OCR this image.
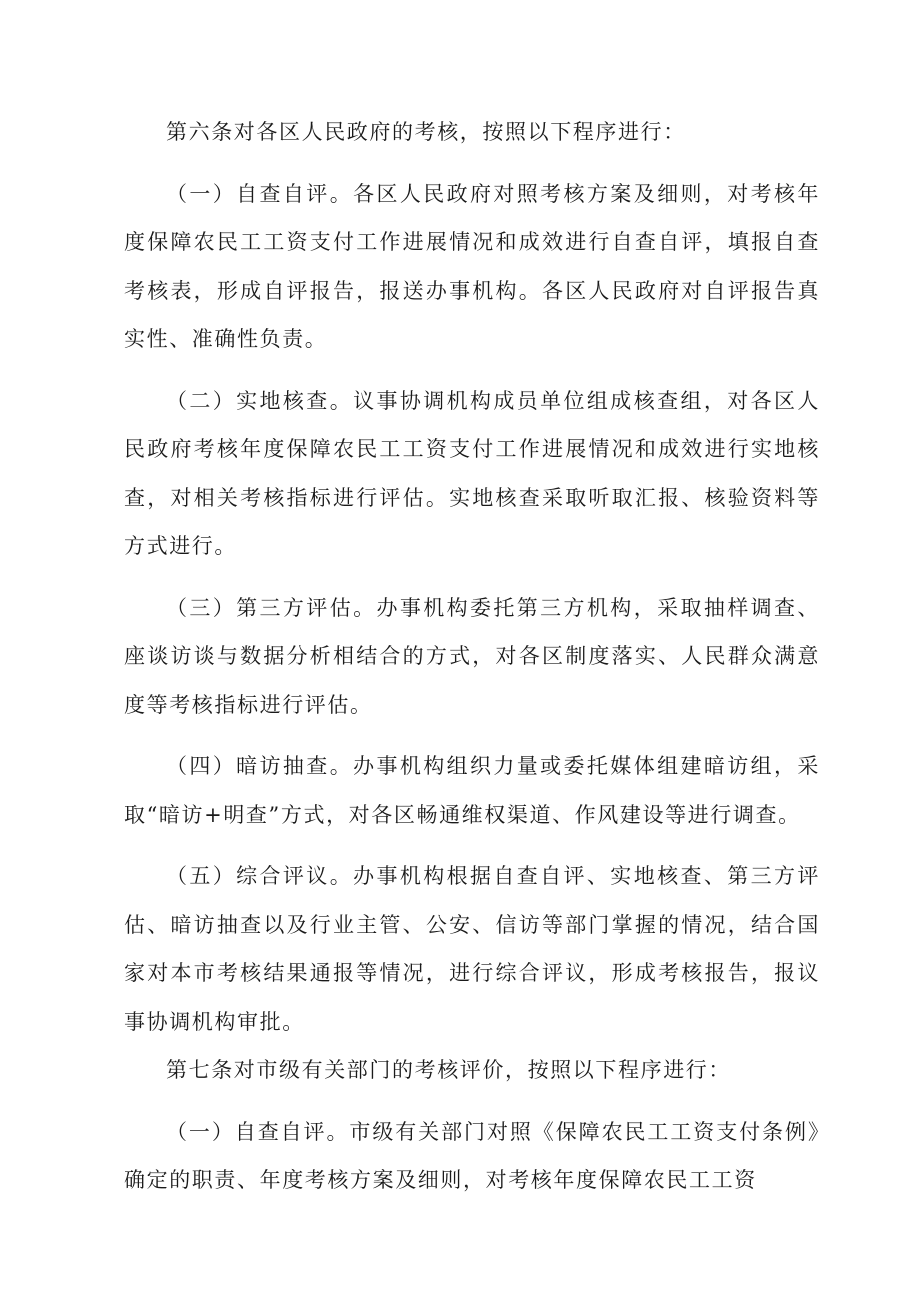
第六条对各区人民政府的考核，按照以下程序进行：

（一）自查自评。各区人民政府对照考核方案及细则，对考核年度保障农民工工资支付工作进展情况和成效进行自查自评，填报自查考核表，形成自评报告，报送办事机构。各区人民政府对自评报告真实性、准确性负责。

（二）实地核查。议事协调机构成员单位组成核查组，对各区人民政府考核年度保障农民工工资支付工作进展情况和成效进行实地核查，对相关考核指标进行评估。实地核查采取听取汇报、核验资料等方式进行。

（三）第三方评估。办事机构委托第三方机构，采取抽样调查、座谈访谈与数据分析相结合的方式，对各区制度落实、人民群众满意度等考核指标进行评估。

（四）暗访抽查。办事机构组织力量或委托媒体组建暗访组，采取“暗访+明查”方式，对各区畅通维权渠道、作风建设等进行调查。

（五）综合评议。办事机构根据自查自评、实地核查、第三方评估、暗访抽查以及行业主管、公安、信访等部门掌握的情况，结合国家对本市考核结果通报等情况，进行综合评议，形成考核报告，报议事协调机构审批。

第七条对市级有关部门的考核评价，按照以下程序进行：

（一）自查自评。市级有关部门对照《保障农民工工资支付条例》确定的职责、年度考核方案及细则，对考核年度保障农民工工资
